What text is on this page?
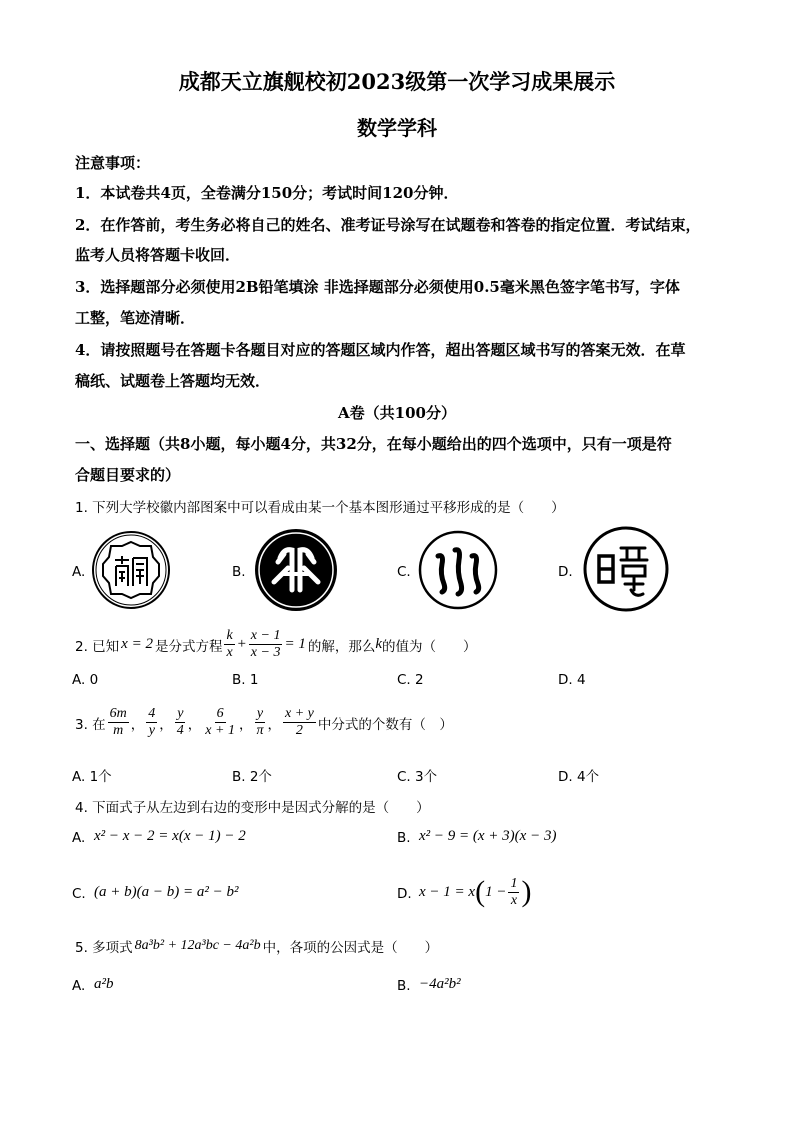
成都天立旗舰校初2023级第一次学习成果展示
数学学科
注意事项：
1．本试卷共4页，全卷满分150分；考试时间120分钟．
2．在作答前，考生务必将自己的姓名、准考证号涂写在试题卷和答卷的指定位置．考试结束，
监考人员将答题卡收回．
3．选择题部分必须使用2B铅笔填涂 非选择题部分必须使用0.5毫米黑色签字笔书写，字体
工整，笔迹清晰．
4．请按照题号在答题卡各题目对应的答题区域内作答，超出答题区域书写的答案无效．在草
稿纸、试题卷上答题均无效．
A卷（共100分）
一、选择题（共8小题，每小题4分，共32分，在每小题给出的四个选项中，只有一项是符
合题目要求的）
1. 下列大学校徽内部图案中可以看成由某一个基本图形通过平移形成的是（　　）
A.	B.	C.	D.
2. 已知 x = 2 是分式方程 $\frac{k}{x} + \frac{x - 1}{x - 3} = 1$ 的解，那么 k 的值为（　　）
A. 0	B. 1	C. 2	D. 4
3. 在 $\frac{6m}{m}$ ， $\frac{4}{y}$ ， $\frac{y}{4}$ ， $\frac{6}{x + 1}$ ， $\frac{y}{\pi}$ ， $\frac{x + y}{2}$ 中分式的个数有（　）
A. 1个	B. 2个	C. 3个	D. 4个
4. 下面式子从左边到右边的变形中是因式分解的是（　　）
A. x² − x − 2 = x(x − 1) − 2	B. x² − 9 = (x + 3)(x − 3)
C. (a + b)(a − b) = a² − b²	D. x − 1 = x ( $1 - \frac{1}{x}$ )
5. 多项式 8a³b² + 12a³bc − 4a²b 中，各项的公因式是（　　）
A. a²b	B. −4a²b²
